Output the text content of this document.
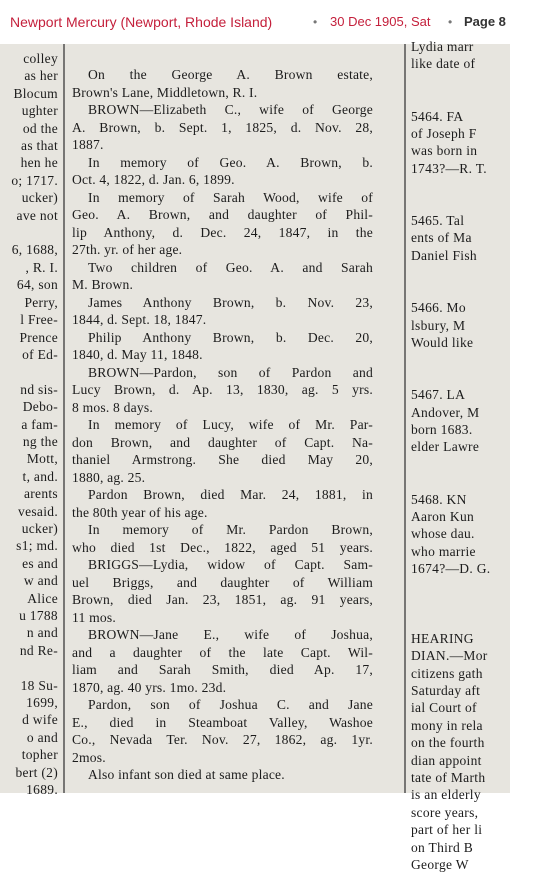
Newport Mercury (Newport, Rhode Island)	• 30 Dec 1905, Sat • Page 8
colley
as her
Blocum
ughter
od the
as that
hen he
o; 1717.
ucker)
ave not

6, 1688,
, R. I.
64, son
Perry,
l Free-
Prence
of Ed-

nd sis-
Debo-
a fam-
ng the
Mott,
t, and.
arents
vesaid.
ucker)
s1; md.
es and
w and
Alice
u 1788
n and
nd Re-

18 Su-
1699,
d wife
o and
topher
bert (2)
1689.
On the George A. Brown estate,
Brown's Lane, Middletown, R. I.
BROWN—Elizabeth C., wife of George
A. Brown, b. Sept. 1, 1825, d. Nov. 28,
1887.
In memory of Geo. A. Brown, b.
Oct. 4, 1822, d. Jan. 6, 1899.
In memory of Sarah Wood, wife of
Geo. A. Brown, and daughter of Phil-
lip Anthony, d. Dec. 24, 1847, in the
27th. yr. of her age.
Two children of Geo. A. and Sarah
M. Brown.
James Anthony Brown, b. Nov. 23,
1844, d. Sept. 18, 1847.
Philip Anthony Brown, b. Dec. 20,
1840, d. May 11, 1848.
BROWN—Pardon, son of Pardon and
Lucy Brown, d. Ap. 13, 1830, ag. 5 yrs.
8 mos. 8 days.
In memory of Lucy, wife of Mr. Par-
don Brown, and daughter of Capt. Na-
thaniel Armstrong. She died May 20,
1880, ag. 25.
Pardon Brown, died Mar. 24, 1881, in
the 80th year of his age.
In memory of Mr. Pardon Brown,
who died 1st Dec., 1822, aged 51 years.
BRIGGS—Lydia, widow of Capt. Sam-
uel Briggs, and daughter of William
Brown, died Jan. 23, 1851, ag. 91 years,
11 mos.
BROWN—Jane E., wife of Joshua,
and a daughter of the late Capt. Wil-
liam and Sarah Smith, died Ap. 17,
1870, ag. 40 yrs. 1mo. 23d.
Pardon, son of Joshua C. and Jane
E., died in Steamboat Valley, Washoe
Co., Nevada Ter. Nov. 27, 1862, ag. 1yr.
2mos.
Also infant son died at same place.
Lydia marr
like date of

5464. FA
of Joseph F
was born in
1743?—R. T.

5465. Tal
ents of Ma
Daniel Fish

5466. Mo
lsbury, M
Would like

5467. LA
Andover, M
born 1683.
elder Lawre

5468. KN
Aaron Kun
whose dau.
who marrie
1674?—D. G.

HEARING
DIAN.—Mor
citizens gath
Saturday aft
ial Court of
mony in rela
on the fourth
dian appoint
tate of Marth
is an elderly
score years,
part of her li
on Third B
George W
